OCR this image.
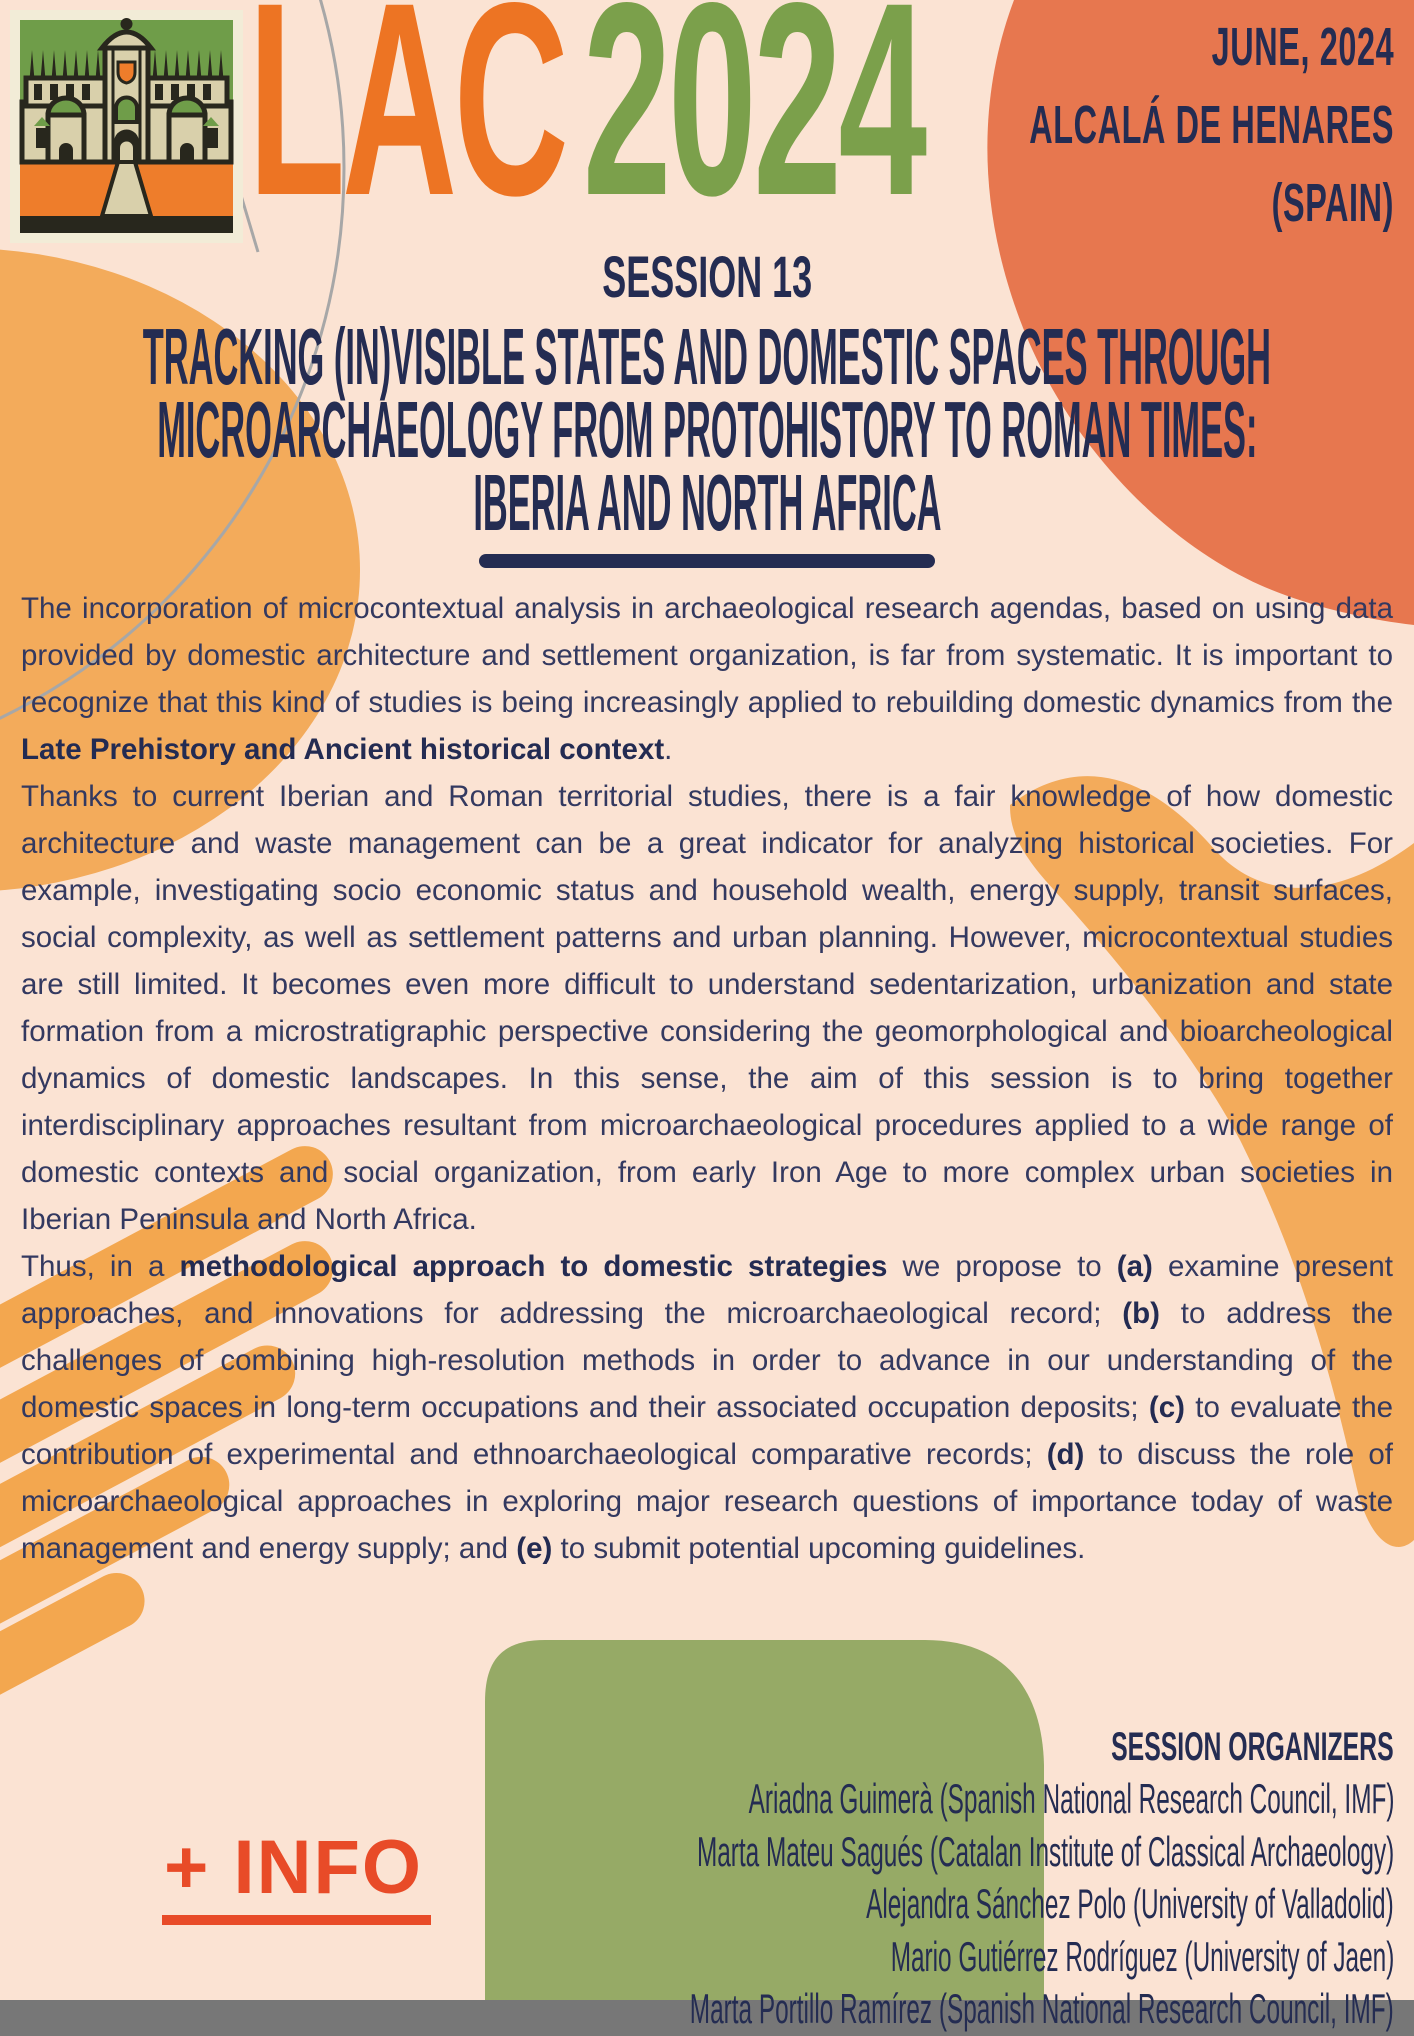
LAC2024	JUNE, 2024
ALCALÁ DE HENARES
(SPAIN)
SESSION 13
TRACKING (IN)VISIBLE STATES AND DOMESTIC SPACES THROUGH
MICROARCHAEOLOGY FROM PROTOHISTORY TO ROMAN TIMES:
IBERIA AND NORTH AFRICA

The incorporation of microcontextual analysis in archaeological research agendas, based on using data provided by domestic architecture and settlement organization, is far from systematic. It is important to recognize that this kind of studies is being increasingly applied to rebuilding domestic dynamics from the Late Prehistory and Ancient historical context.

Thanks to current Iberian and Roman territorial studies, there is a fair knowledge of how domestic architecture and waste management can be a great indicator for analyzing historical societies. For example, investigating socio economic status and household wealth, energy supply, transit surfaces, social complexity, as well as settlement patterns and urban planning. However, microcontextual studies are still limited. It becomes even more difficult to understand sedentarization, urbanization and state formation from a microstratigraphic perspective considering the geomorphological and bioarcheological dynamics of domestic landscapes. In this sense, the aim of this session is to bring together interdisciplinary approaches resultant from microarchaeological procedures applied to a wide range of domestic contexts and social organization, from early Iron Age to more complex urban societies in Iberian Peninsula and North Africa.

Thus, in a methodological approach to domestic strategies we propose to (a) examine present approaches, and innovations for addressing the microarchaeological record; (b) to address the challenges of combining high-resolution methods in order to advance in our understanding of the domestic spaces in long-term occupations and their associated occupation deposits; (c) to evaluate the contribution of experimental and ethnoarchaeological comparative records; (d) to discuss the role of microarchaeological approaches in exploring major research questions of importance today of waste management and energy supply; and (e) to submit potential upcoming guidelines.

+ INFO
SESSION ORGANIZERS
Ariadna Guimerà (Spanish National Research Council, IMF)
Marta Mateu Sagués (Catalan Institute of Classical Archaeology)
Alejandra Sánchez Polo (University of Valladolid)
Mario Gutiérrez Rodríguez (University of Jaen)
Marta Portillo Ramírez (Spanish National Research Council, IMF)
